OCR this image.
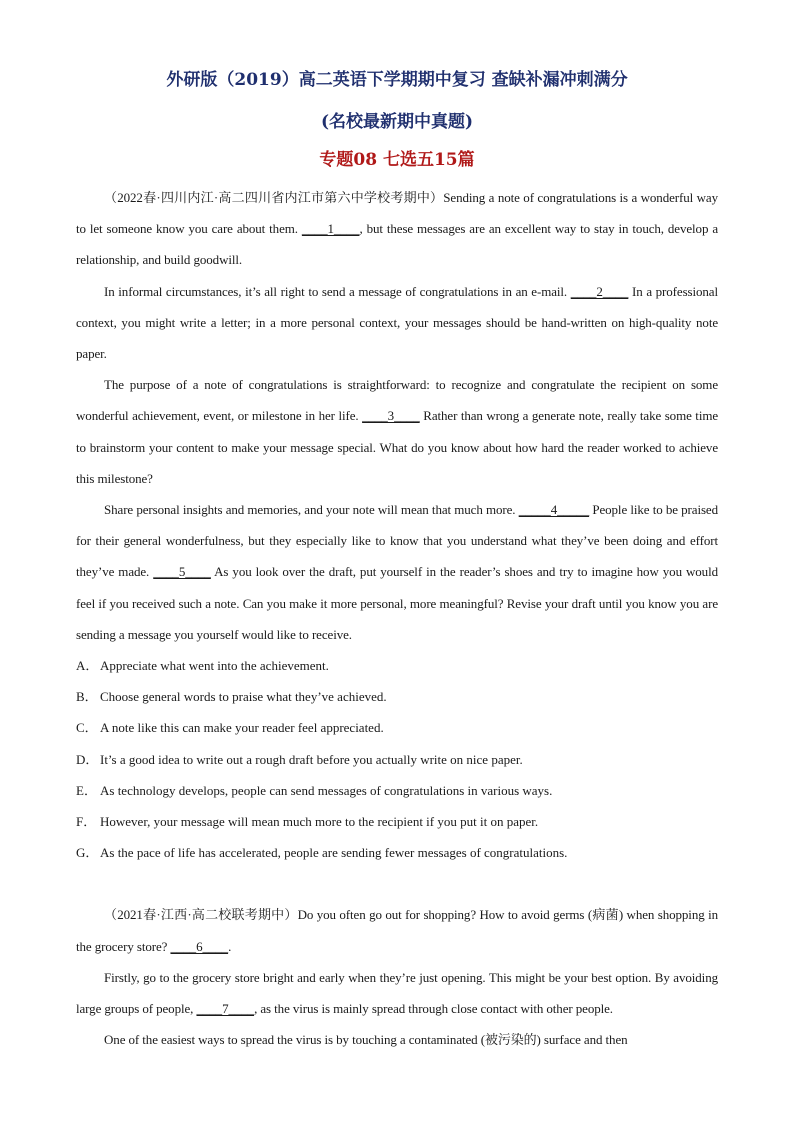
外研版（2019）高二英语下学期期中复习 查缺补漏冲刺满分
(名校最新期中真题)
专题08 七选五15篇

（2022春·四川内江·高二四川省内江市第六中学校考期中）Sending a note of congratulations is a wonderful way to let someone know you care about them. ____1____, but these messages are an excellent way to stay in touch, develop a relationship, and build goodwill.

In informal circumstances, it’s all right to send a message of congratulations in an e-mail. ____2____ In a professional context, you might write a letter; in a more personal context, your messages should be hand-written on high-quality note paper.

The purpose of a note of congratulations is straightforward: to recognize and congratulate the recipient on some wonderful achievement, event, or milestone in her life. ____3____ Rather than wrong a generate note, really take some time to brainstorm your content to make your message special. What do you know about how hard the reader worked to achieve this milestone?

Share personal insights and memories, and your note will mean that much more. _____4_____ People like to be praised for their general wonderfulness, but they especially like to know that you understand what they’ve been doing and effort they’ve made. ____5____ As you look over the draft, put yourself in the reader’s shoes and try to imagine how you would feel if you received such a note. Can you make it more personal, more meaningful? Revise your draft until you know you are sending a message you yourself would like to receive.

A． Appreciate what went into the achievement.
B． Choose general words to praise what they’ve achieved.
C． A note like this can make your reader feel appreciated.
D． It’s a good idea to write out a rough draft before you actually write on nice paper.
E． As technology develops, people can send messages of congratulations in various ways.
F． However, your message will mean much more to the recipient if you put it on paper.
G． As the pace of life has accelerated, people are sending fewer messages of congratulations.

（2021春·江西·高二校联考期中）Do you often go out for shopping? How to avoid germs (病菌) when shopping in the grocery store? ____6____.

Firstly, go to the grocery store bright and early when they’re just opening. This might be your best option. By avoiding large groups of people, ____7____, as the virus is mainly spread through close contact with other people.

One of the easiest ways to spread the virus is by touching a contaminated (被污染的) surface and then
